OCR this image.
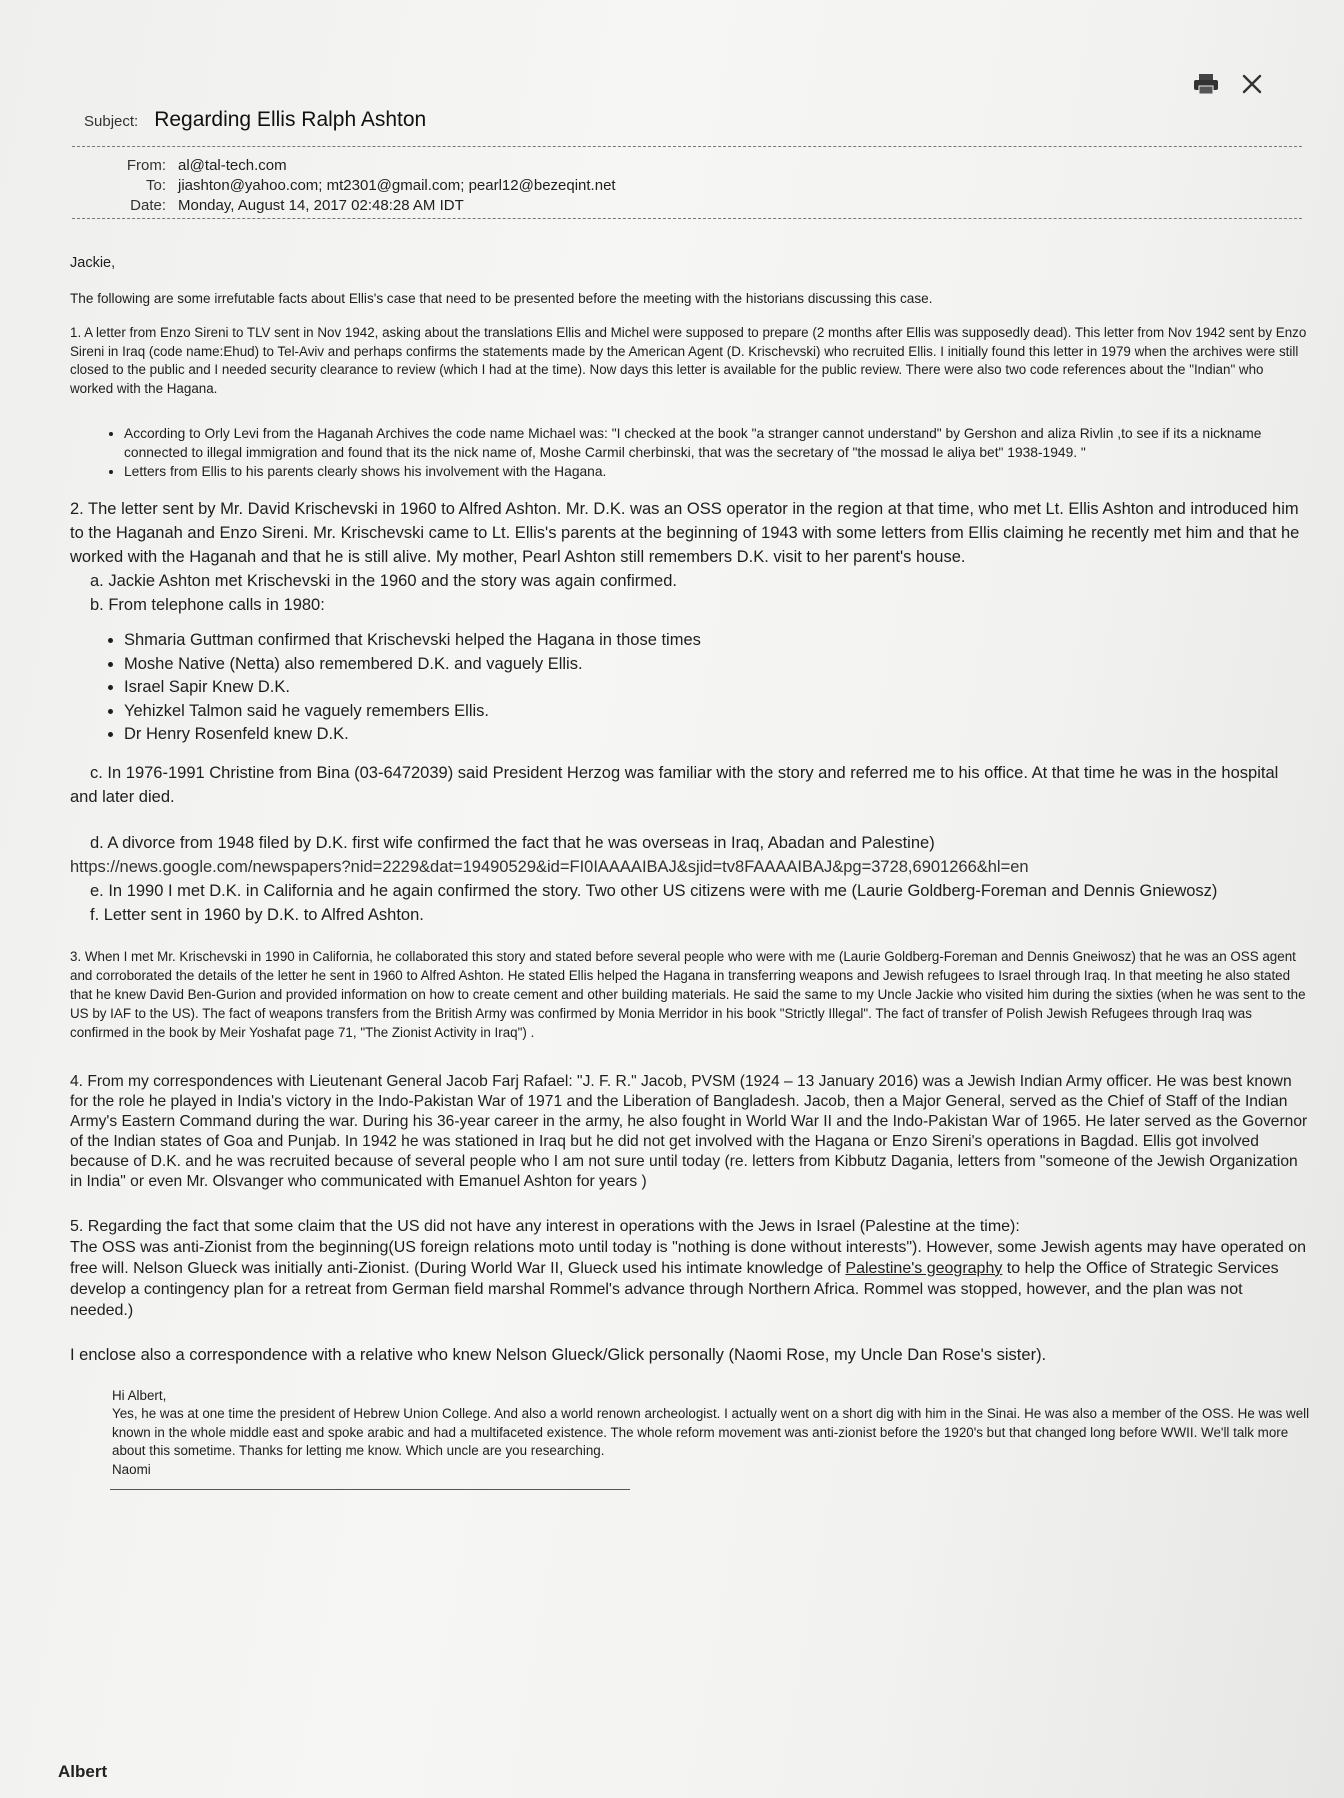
Subject: Regarding Ellis Ralph Ashton
From: al@tal-tech.com
To: jiashton@yahoo.com; mt2301@gmail.com; pearl12@bezeqint.net
Date: Monday, August 14, 2017 02:48:28 AM IDT

Jackie,

The following are some irrefutable facts about Ellis's case that need to be presented before the meeting with the historians discussing this case.

1. A letter from Enzo Sireni to TLV sent in Nov 1942, asking about the translations Ellis and Michel were supposed to prepare (2 months after Ellis was supposedly dead). This letter from Nov 1942 sent by Enzo Sireni in Iraq (code name:Ehud) to Tel-Aviv and perhaps confirms the statements made by the American Agent (D. Krischevski) who recruited Ellis. I initially found this letter in 1979 when the archives were still closed to the public and I needed security clearance to review (which I had at the time). Now days this letter is available for the public review. There were also two code references about the "Indian" who worked with the Hagana.

• According to Orly Levi from the Haganah Archives the code name Michael was: "I checked at the book "a stranger cannot understand" by Gershon and aliza Rivlin ,to see if its a nickname connected to illegal immigration and found that its the nick name of, Moshe Carmil cherbinski, that was the secretary of "the mossad le aliya bet" 1938-1949. "
• Letters from Ellis to his parents clearly shows his involvement with the Hagana.

2. The letter sent by Mr. David Krischevski in 1960 to Alfred Ashton. Mr. D.K. was an OSS operator in the region at that time, who met Lt. Ellis Ashton and introduced him to the Haganah and Enzo Sireni. Mr. Krischevski came to Lt. Ellis's parents at the beginning of 1943 with some letters from Ellis claiming he recently met him and that he worked with the Haganah and that he is still alive. My mother, Pearl Ashton still remembers D.K. visit to her parent's house.

a. Jackie Ashton met Krischevski in the 1960 and the story was again confirmed.

b. From telephone calls in 1980:

• Shmaria Guttman confirmed that Krischevski helped the Hagana in those times
• Moshe Native (Netta) also remembered D.K. and vaguely Ellis.
• Israel Sapir Knew D.K.
• Yehizkel Talmon said he vaguely remembers Ellis.
• Dr Henry Rosenfeld knew D.K.

c. In 1976-1991 Christine from Bina (03-6472039) said President Herzog was familiar with the story and referred me to his office. At that time he was in the hospital and later died.

d. A divorce from 1948 filed by D.K. first wife confirmed the fact that he was overseas in Iraq, Abadan and Palestine)

https://news.google.com/newspapers?nid=2229&dat=19490529&id=FI0IAAAAIBAJ&sjid=tv8FAAAAIBAJ&pg=3728,6901266&hl=en

e. In 1990 I met D.K. in California and he again confirmed the story. Two other US citizens were with me (Laurie Goldberg-Foreman and Dennis Gniewosz)

f. Letter sent in 1960 by D.K. to Alfred Ashton.

3. When I met Mr. Krischevski in 1990 in California, he collaborated this story and stated before several people who were with me (Laurie Goldberg-Foreman and Dennis Gneiwosz) that he was an OSS agent and corroborated the details of the letter he sent in 1960 to Alfred Ashton. He stated Ellis helped the Hagana in transferring weapons and Jewish refugees to Israel through Iraq. In that meeting he also stated that he knew David Ben-Gurion and provided information on how to create cement and other building materials. He said the same to my Uncle Jackie who visited him during the sixties (when he was sent to the US by IAF to the US). The fact of weapons transfers from the British Army was confirmed by Monia Merridor in his book "Strictly Illegal". The fact of transfer of Polish Jewish Refugees through Iraq was confirmed in the book by Meir Yoshafat page 71, "The Zionist Activity in Iraq") .

4. From my correspondences with Lieutenant General Jacob Farj Rafael: "J. F. R." Jacob, PVSM (1924 – 13 January 2016) was a Jewish Indian Army officer. He was best known for the role he played in India's victory in the Indo-Pakistan War of 1971 and the Liberation of Bangladesh. Jacob, then a Major General, served as the Chief of Staff of the Indian Army's Eastern Command during the war. During his 36-year career in the army, he also fought in World War II and the Indo-Pakistan War of 1965. He later served as the Governor of the Indian states of Goa and Punjab. In 1942 he was stationed in Iraq but he did not get involved with the Hagana or Enzo Sireni's operations in Bagdad. Ellis got involved because of D.K. and he was recruited because of several people who I am not sure until today (re. letters from Kibbutz Dagania, letters from "someone of the Jewish Organization in India" or even Mr. Olsvanger who communicated with Emanuel Ashton for years )

5. Regarding the fact that some claim that the US did not have any interest in operations with the Jews in Israel (Palestine at the time):

The OSS was anti-Zionist from the beginning(US foreign relations moto until today is "nothing is done without interests"). However, some Jewish agents may have operated on free will. Nelson Glueck was initially anti-Zionist. (During World War II, Glueck used his intimate knowledge of Palestine's geography to help the Office of Strategic Services develop a contingency plan for a retreat from German field marshal Rommel's advance through Northern Africa. Rommel was stopped, however, and the plan was not needed.)

I enclose also a correspondence with a relative who knew Nelson Glueck/Glick personally (Naomi Rose, my Uncle Dan Rose's sister).

Hi Albert,

Yes, he was at one time the president of Hebrew Union College. And also a world renown archeologist. I actually went on a short dig with him in the Sinai. He was also a member of the OSS. He was well known in the whole middle east and spoke arabic and had a multifaceted existence. The whole reform movement was anti-zionist before the 1920's but that changed long before WWII. We'll talk more about this sometime. Thanks for letting me know. Which uncle are you researching.

Naomi

Albert
